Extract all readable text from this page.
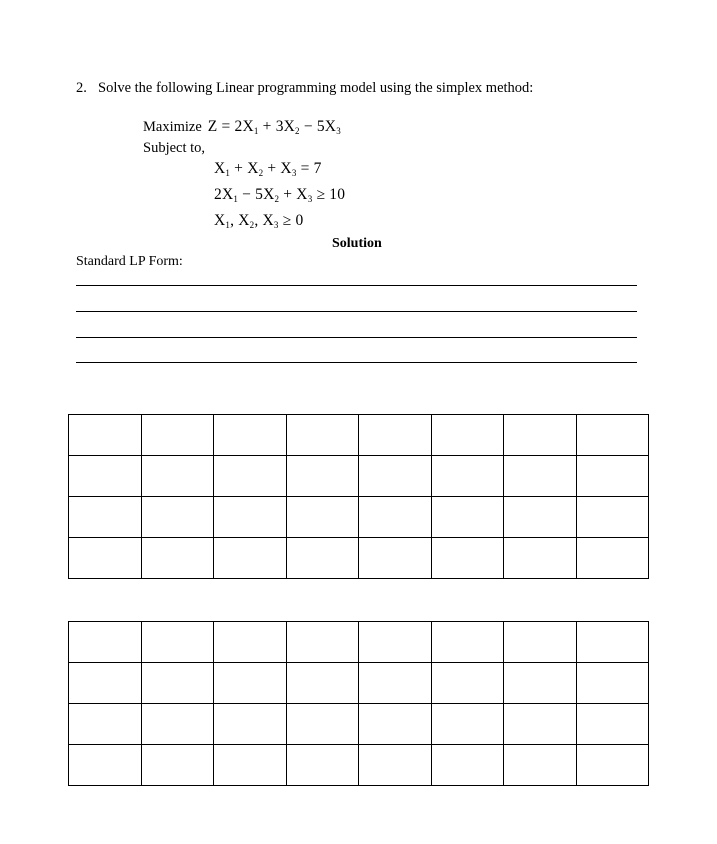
2. Solve the following Linear programming model using the simplex method:
Maximize $Z = 2X_1 + 3X_2 - 5X_3$
Subject to,
$X_1 + X_2 + X_3 = 7$
$2X_1 - 5X_2 + X_3 \ge 10$
$X_1$, $X_2$, $X_3 \ge 0$
Solution
Standard LP Form:
